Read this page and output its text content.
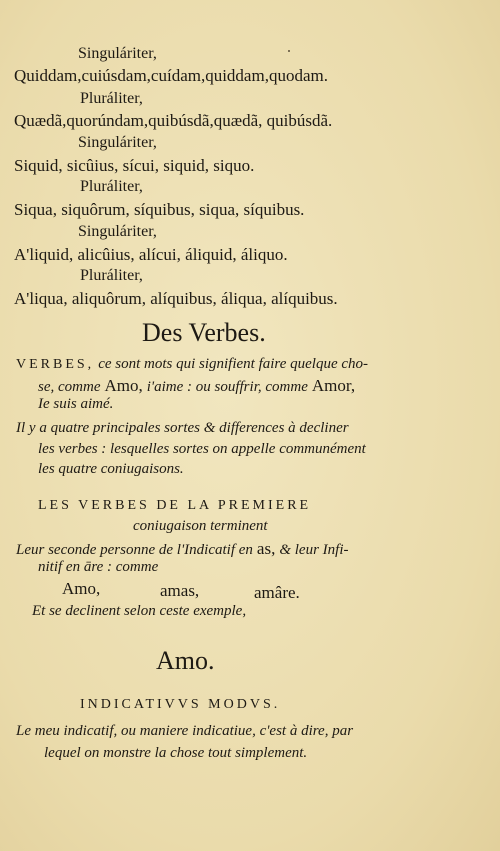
Singuláriter,
Quiddam,cuiúsdam,cuídam,quiddam,quodam.
Pluráliter,
Quædã,quorúndam,quibúsdã,quædã, quibúsdã.
Singuláriter,
Siquid, sicûius, sícui, siquid, siquo.
Pluráliter,
Siqua, siquôrum, síquibus, siqua, síquibus.
Singuláriter,
A'liquid, alicûius, alícui, áliquid, áliquo.
Pluráliter,
A'liqua, aliquôrum, alíquibus, áliqua, alíquibus.
Des Verbes.
VERBES, ce sont mots qui signifient faire quelque cho-
se, comme Amo, i'aime : ou souffrir, comme Amor,
Ie suis aimé.
Il y a quatre principales sortes & differences à decliner
les verbes : lesquelles sortes on appelle communément
les quatre coniugaisons.
LES VERBES DE LA PREMIERE
coniugaison terminent
Leur seconde personne de l'Indicatif en as, & leur Infi-
nitif en āre : comme
Amo,	amas,	amâre.
Et se declinent selon ceste exemple,
Amo.
INDICATIVVS MODVS.
Le meu indicatif, ou maniere indicatiue, c'est à dire, par
lequel on monstre la chose tout simplement.
